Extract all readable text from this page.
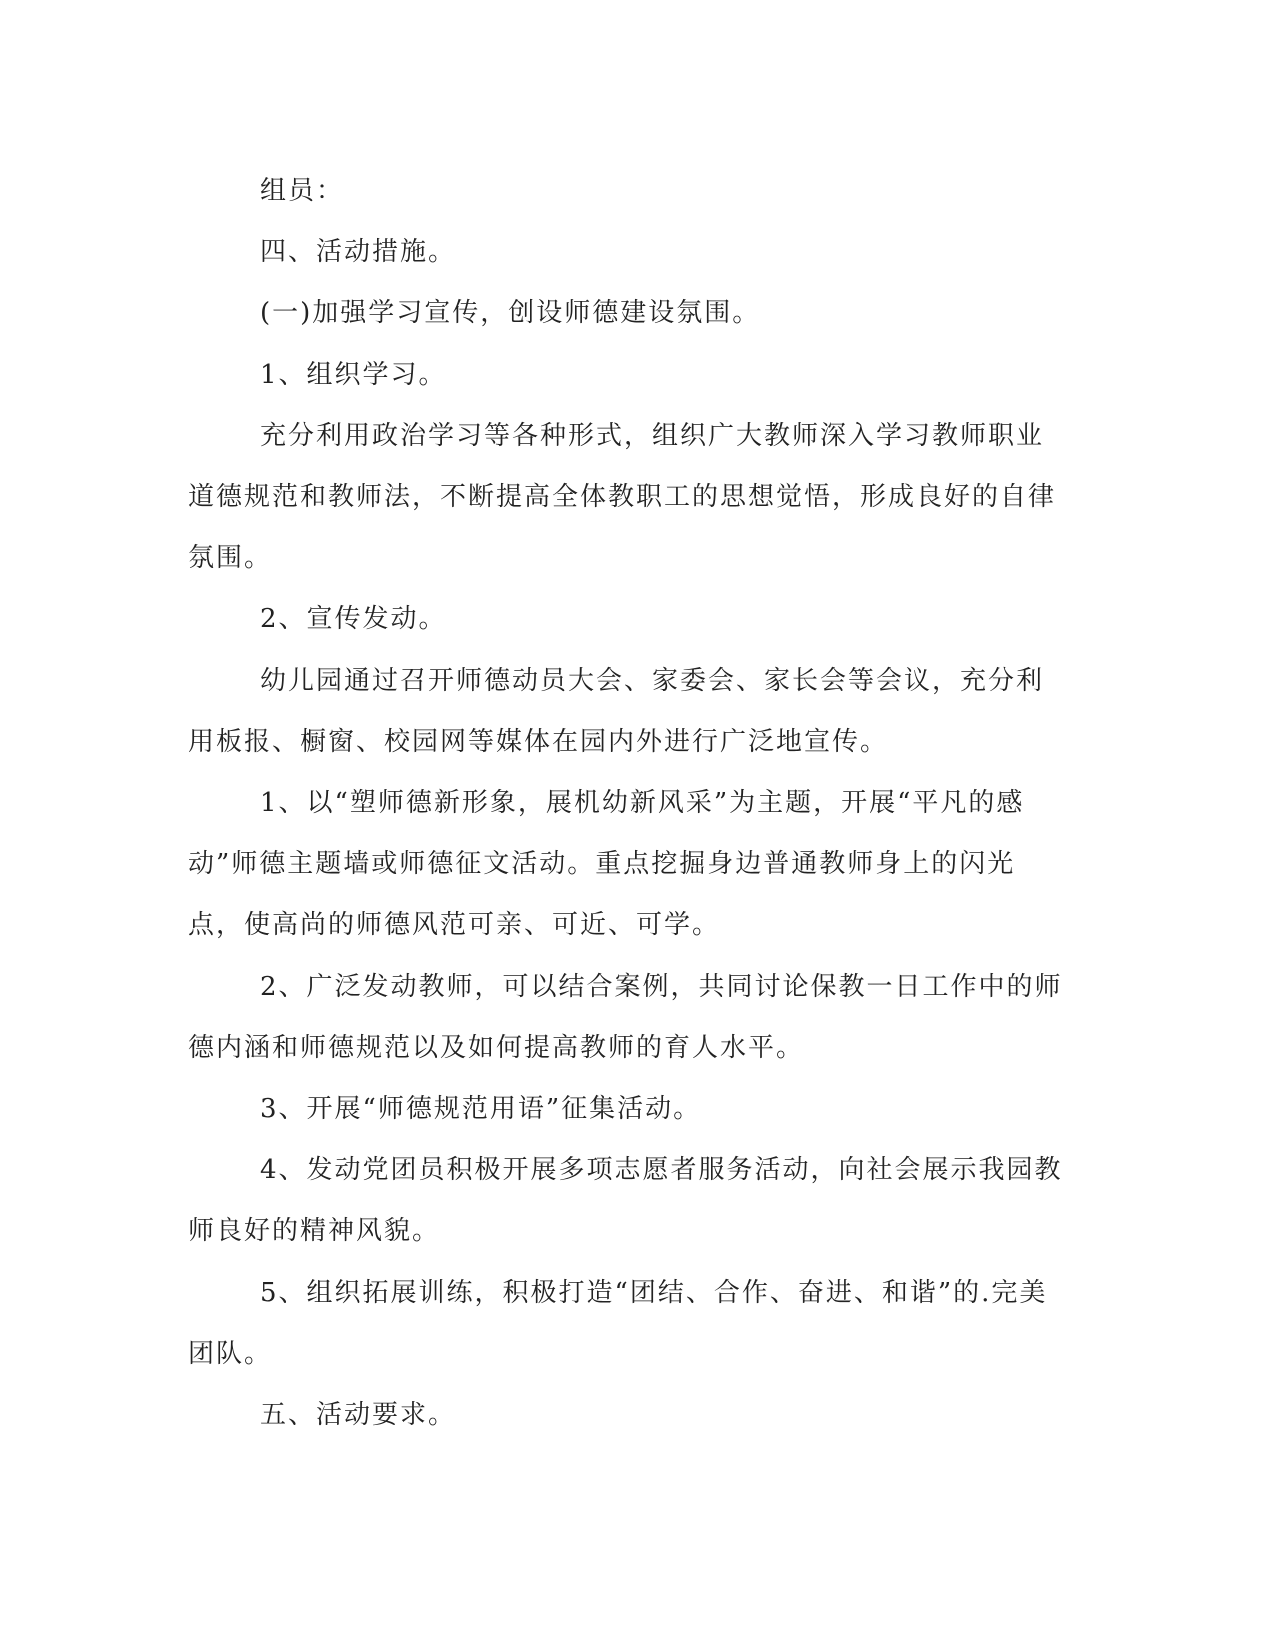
组员：

四、活动措施。

(一)加强学习宣传，创设师德建设氛围。

1、组织学习。

充分利用政治学习等各种形式，组织广大教师深入学习教师职业道德规范和教师法，不断提高全体教职工的思想觉悟，形成良好的自律氛围。

2、宣传发动。

幼儿园通过召开师德动员大会、家委会、家长会等会议，充分利用板报、橱窗、校园网等媒体在园内外进行广泛地宣传。

1、以“塑师德新形象，展机幼新风采”为主题，开展“平凡的感动”师德主题墙或师德征文活动。重点挖掘身边普通教师身上的闪光点，使高尚的师德风范可亲、可近、可学。

2、广泛发动教师，可以结合案例，共同讨论保教一日工作中的师德内涵和师德规范以及如何提高教师的育人水平。

3、开展“师德规范用语”征集活动。

4、发动党团员积极开展多项志愿者服务活动，向社会展示我园教师良好的精神风貌。

5、组织拓展训练，积极打造“团结、合作、奋进、和谐”的.完美团队。

五、活动要求。
